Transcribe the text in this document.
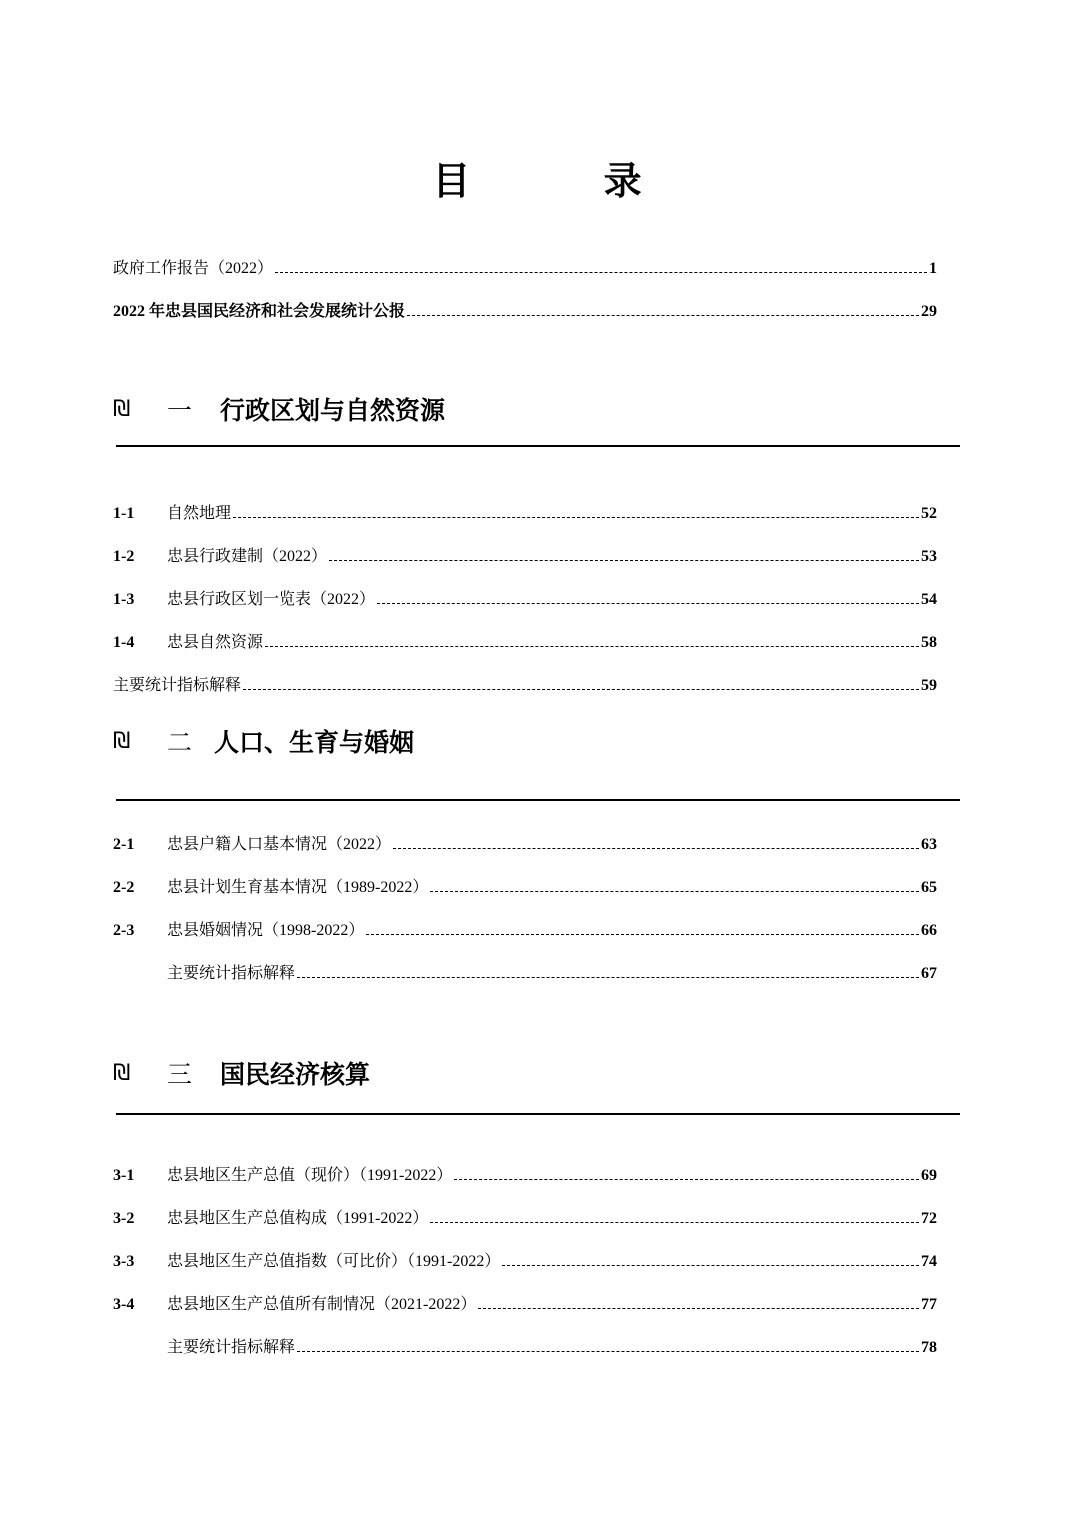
目 录
政府工作报告（2022）	1
2022 年忠县国民经济和社会发展统计公报	29
₪	一 行政区划与自然资源
1-1	自然地理	52
1-2	忠县行政建制（2022）	53
1-3	忠县行政区划一览表（2022）	54
1-4	忠县自然资源	58
主要统计指标解释	59
₪	二 人口、生育与婚姻
2-1	忠县户籍人口基本情况（2022）	63
2-2	忠县计划生育基本情况（1989-2022）	65
2-3	忠县婚姻情况（1998-2022）	66
主要统计指标解释	67
₪	三 国民经济核算
3-1	忠县地区生产总值（现价）（1991-2022）	69
3-2	忠县地区生产总值构成（1991-2022）	72
3-3	忠县地区生产总值指数（可比价）（1991-2022）	74
3-4	忠县地区生产总值所有制情况（2021-2022）	77
主要统计指标解释	78
